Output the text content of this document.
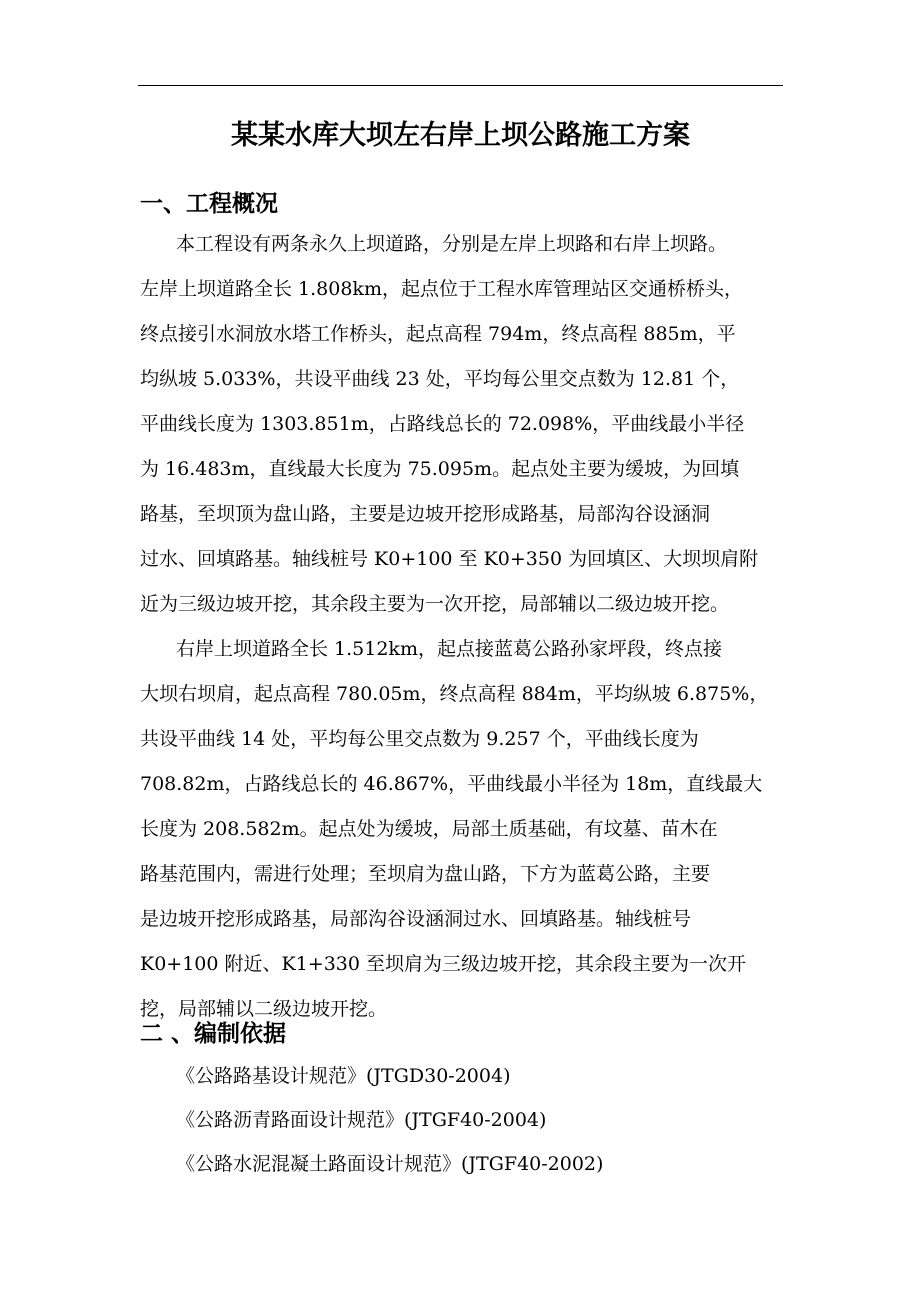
某某水库大坝左右岸上坝公路施工方案
一、工程概况

本工程设有两条永久上坝道路，分别是左岸上坝路和右岸上坝路。

左岸上坝道路全长 1.808km，起点位于工程水库管理站区交通桥桥头，

终点接引水洞放水塔工作桥头，起点高程 794m，终点高程 885m，平

均纵坡 5.033%，共设平曲线 23 处，平均每公里交点数为 12.81 个，

平曲线长度为 1303.851m，占路线总长的 72.098%，平曲线最小半径

为 16.483m，直线最大长度为 75.095m。起点处主要为缓坡，为回填

路基，至坝顶为盘山路，主要是边坡开挖形成路基，局部沟谷设涵洞

过水、回填路基。轴线桩号 K0+100 至 K0+350 为回填区、大坝坝肩附

近为三级边坡开挖，其余段主要为一次开挖，局部辅以二级边坡开挖。

右岸上坝道路全长 1.512km，起点接蓝葛公路孙家坪段，终点接

大坝右坝肩，起点高程 780.05m，终点高程 884m，平均纵坡 6.875%，

共设平曲线 14 处，平均每公里交点数为 9.257 个，平曲线长度为

708.82m，占路线总长的 46.867%，平曲线最小半径为 18m，直线最大

长度为 208.582m。起点处为缓坡，局部土质基础，有坟墓、苗木在

路基范围内，需进行处理；至坝肩为盘山路，下方为蓝葛公路，主要

是边坡开挖形成路基，局部沟谷设涵洞过水、回填路基。轴线桩号

K0+100 附近、K1+330 至坝肩为三级边坡开挖，其余段主要为一次开

挖，局部辅以二级边坡开挖。

二 、编制依据

《公路路基设计规范》(JTGD30-2004)

《公路沥青路面设计规范》(JTGF40-2004)

《公路水泥混凝土路面设计规范》(JTGF40-2002)
